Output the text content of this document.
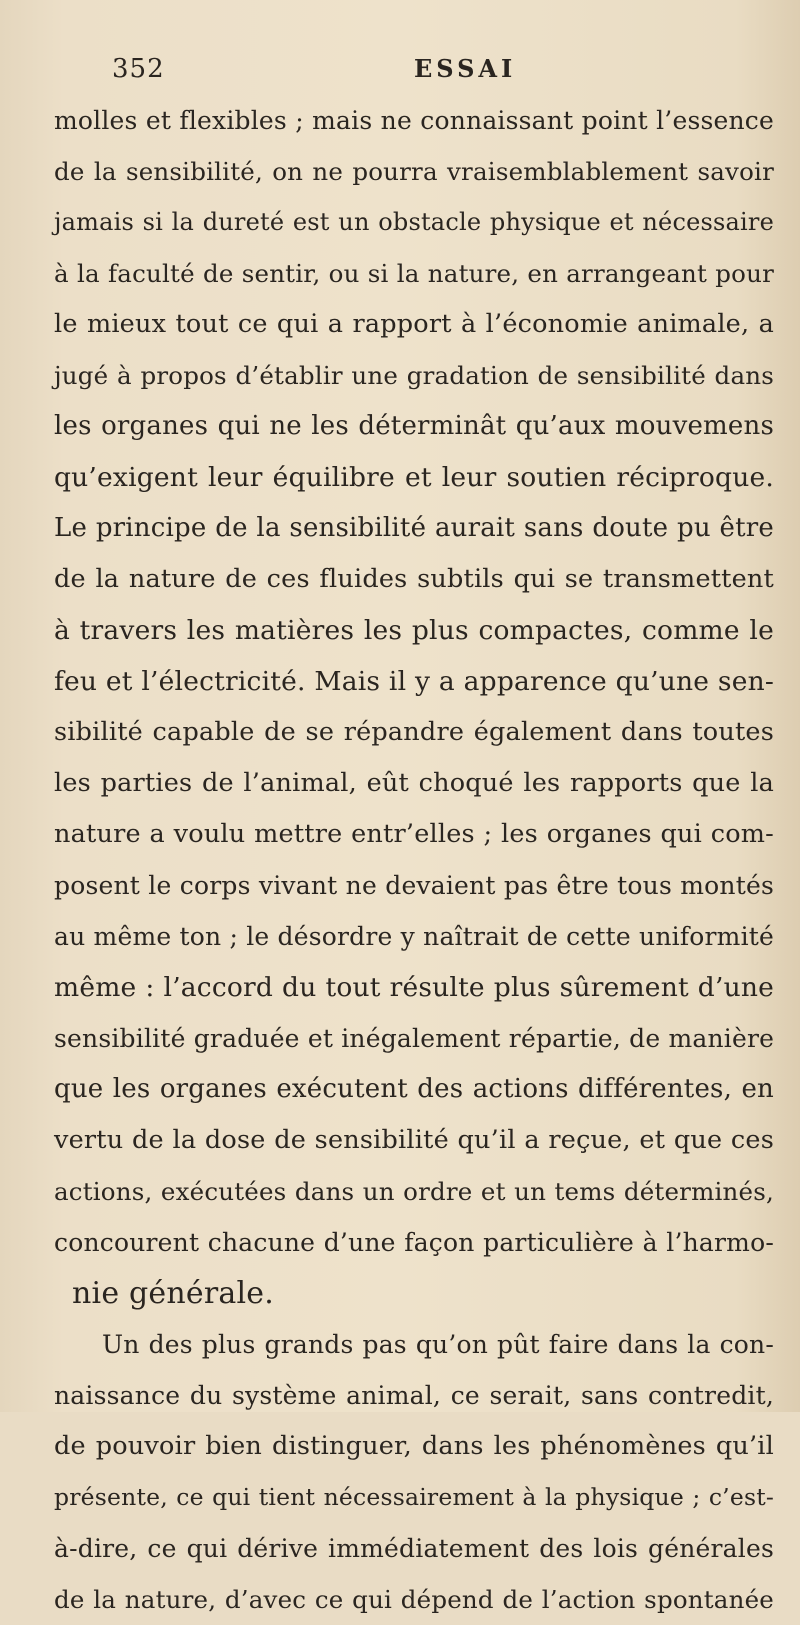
352	ESSAI
molles et flexibles ; mais ne connaissant point l’essence
de la sensibilité, on ne pourra vraisemblablement savoir
jamais si la dureté est un obstacle physique et nécessaire
à la faculté de sentir, ou si la nature, en arrangeant pour
le mieux tout ce qui a rapport à l’économie animale, a
jugé à propos d’établir une gradation de sensibilité dans
les organes qui ne les déterminât qu’aux mouvemens
qu’exigent leur équilibre et leur soutien réciproque.
Le principe de la sensibilité aurait sans doute pu être
de la nature de ces fluides subtils qui se transmettent
à travers les matières les plus compactes, comme le
feu et l’électricité. Mais il y a apparence qu’une sen-
sibilité capable de se répandre également dans toutes
les parties de l’animal, eût choqué les rapports que la
nature a voulu mettre entr’elles ; les organes qui com-
posent le corps vivant ne devaient pas être tous montés
au même ton ; le désordre y naîtrait de cette uniformité
même : l’accord du tout résulte plus sûrement d’une
sensibilité graduée et inégalement répartie, de manière
que les organes exécutent des actions différentes, en
vertu de la dose de sensibilité qu’il a reçue, et que ces
actions, exécutées dans un ordre et un tems déterminés,
concourent chacune d’une façon particulière à l’harmo-
nie générale.
Un des plus grands pas qu’on pût faire dans la con-
naissance du système animal, ce serait, sans contredit,
de pouvoir bien distinguer, dans les phénomènes qu’il
présente, ce qui tient nécessairement à la physique ; c’est-
à-dire, ce qui dérive immédiatement des lois générales
de la nature, d’avec ce qui dépend de l’action spontanée
